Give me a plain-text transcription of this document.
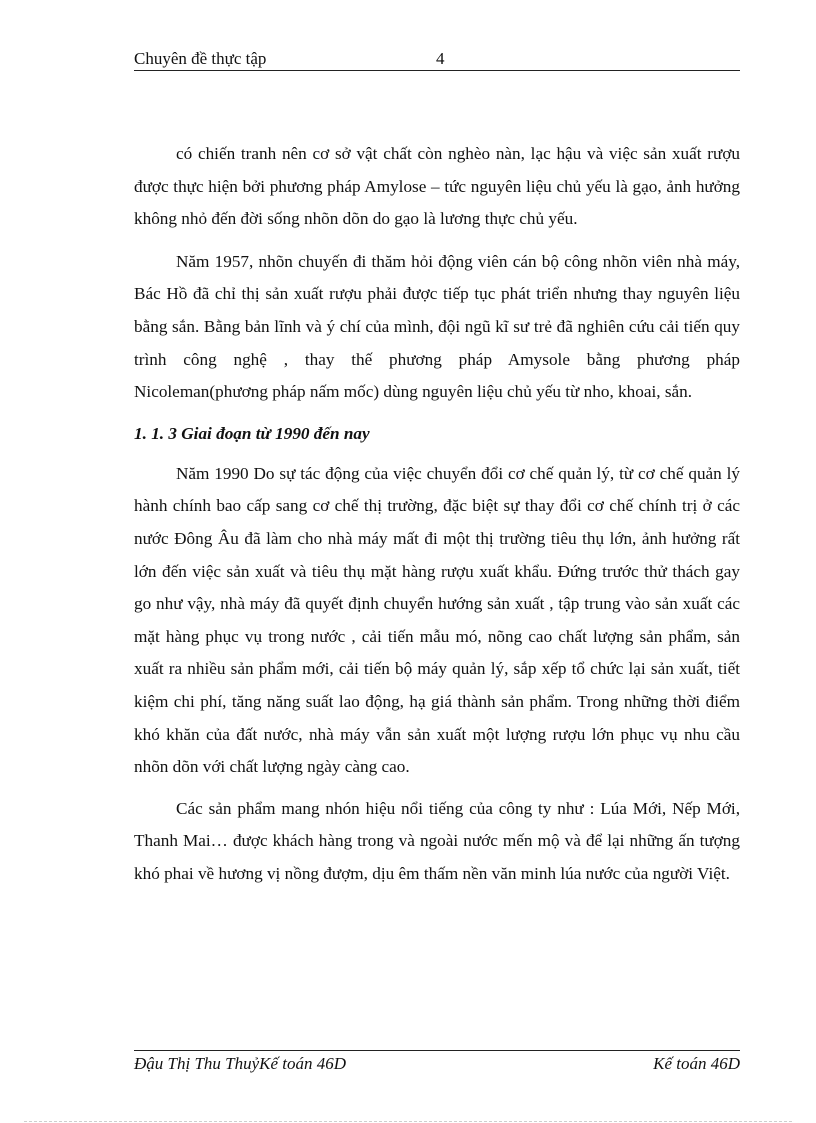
Chuyên đề thực tập	4

có chiến tranh nên cơ sở vật chất còn nghèo nàn, lạc hậu và việc sản xuất rượu được thực hiện bởi phương pháp Amylose – tức nguyên liệu chủ yếu là gạo, ảnh hưởng không nhỏ đến đời sống nhõn dõn do gạo là lương thực chủ yếu.

Năm 1957, nhõn chuyến đi thăm hỏi động viên cán bộ công nhõn viên nhà máy, Bác Hồ đã chỉ thị sản xuất rượu phải được tiếp tục phát triển nhưng thay nguyên liệu bằng sắn. Bằng bản lĩnh và ý chí của mình, đội ngũ kĩ sư trẻ đã nghiên cứu cải tiến quy trình công nghệ , thay thế phương pháp Amysole bằng phương pháp Nicoleman(phương pháp nấm mốc) dùng nguyên liệu chủ yếu từ nho, khoai, sắn.

1. 1. 3 Giai đoạn từ 1990 đến nay

Năm 1990 Do sự tác động của việc chuyển đổi cơ chế quản lý, từ cơ chế quản lý hành chính bao cấp sang cơ chế thị trường, đặc biệt sự thay đổi cơ chế chính trị ở các nước Đông Âu đã làm cho nhà máy mất đi một thị trường tiêu thụ lớn, ảnh hưởng rất lớn đến việc sản xuất và tiêu thụ mặt hàng rượu xuất khẩu. Đứng trước thử thách gay go như vậy, nhà máy đã quyết định chuyển hướng sản xuất , tập trung vào sản xuất các mặt hàng phục vụ trong nước , cải tiến mẫu mó, nõng cao chất lượng sản phẩm, sản xuất ra nhiều sản phẩm mới, cải tiến bộ máy quản lý, sắp xếp tổ chức lại sản xuất, tiết kiệm chi phí, tăng năng suất lao động, hạ giá thành sản phẩm. Trong những thời điểm khó khăn của đất nước, nhà máy vẫn sản xuất một lượng rượu lớn phục vụ nhu cầu nhõn dõn với chất lượng ngày càng cao.

Các sản phẩm mang nhón hiệu nổi tiếng của công ty như : Lúa Mới, Nếp Mới, Thanh Mai… được khách hàng trong và ngoài nước mến mộ và để lại những ấn tượng khó phai về hương vị nồng đượm, dịu êm thấm nền văn minh lúa nước của người Việt.

Đậu Thị Thu ThuỷKế toán 46D	Kế toán 46D
